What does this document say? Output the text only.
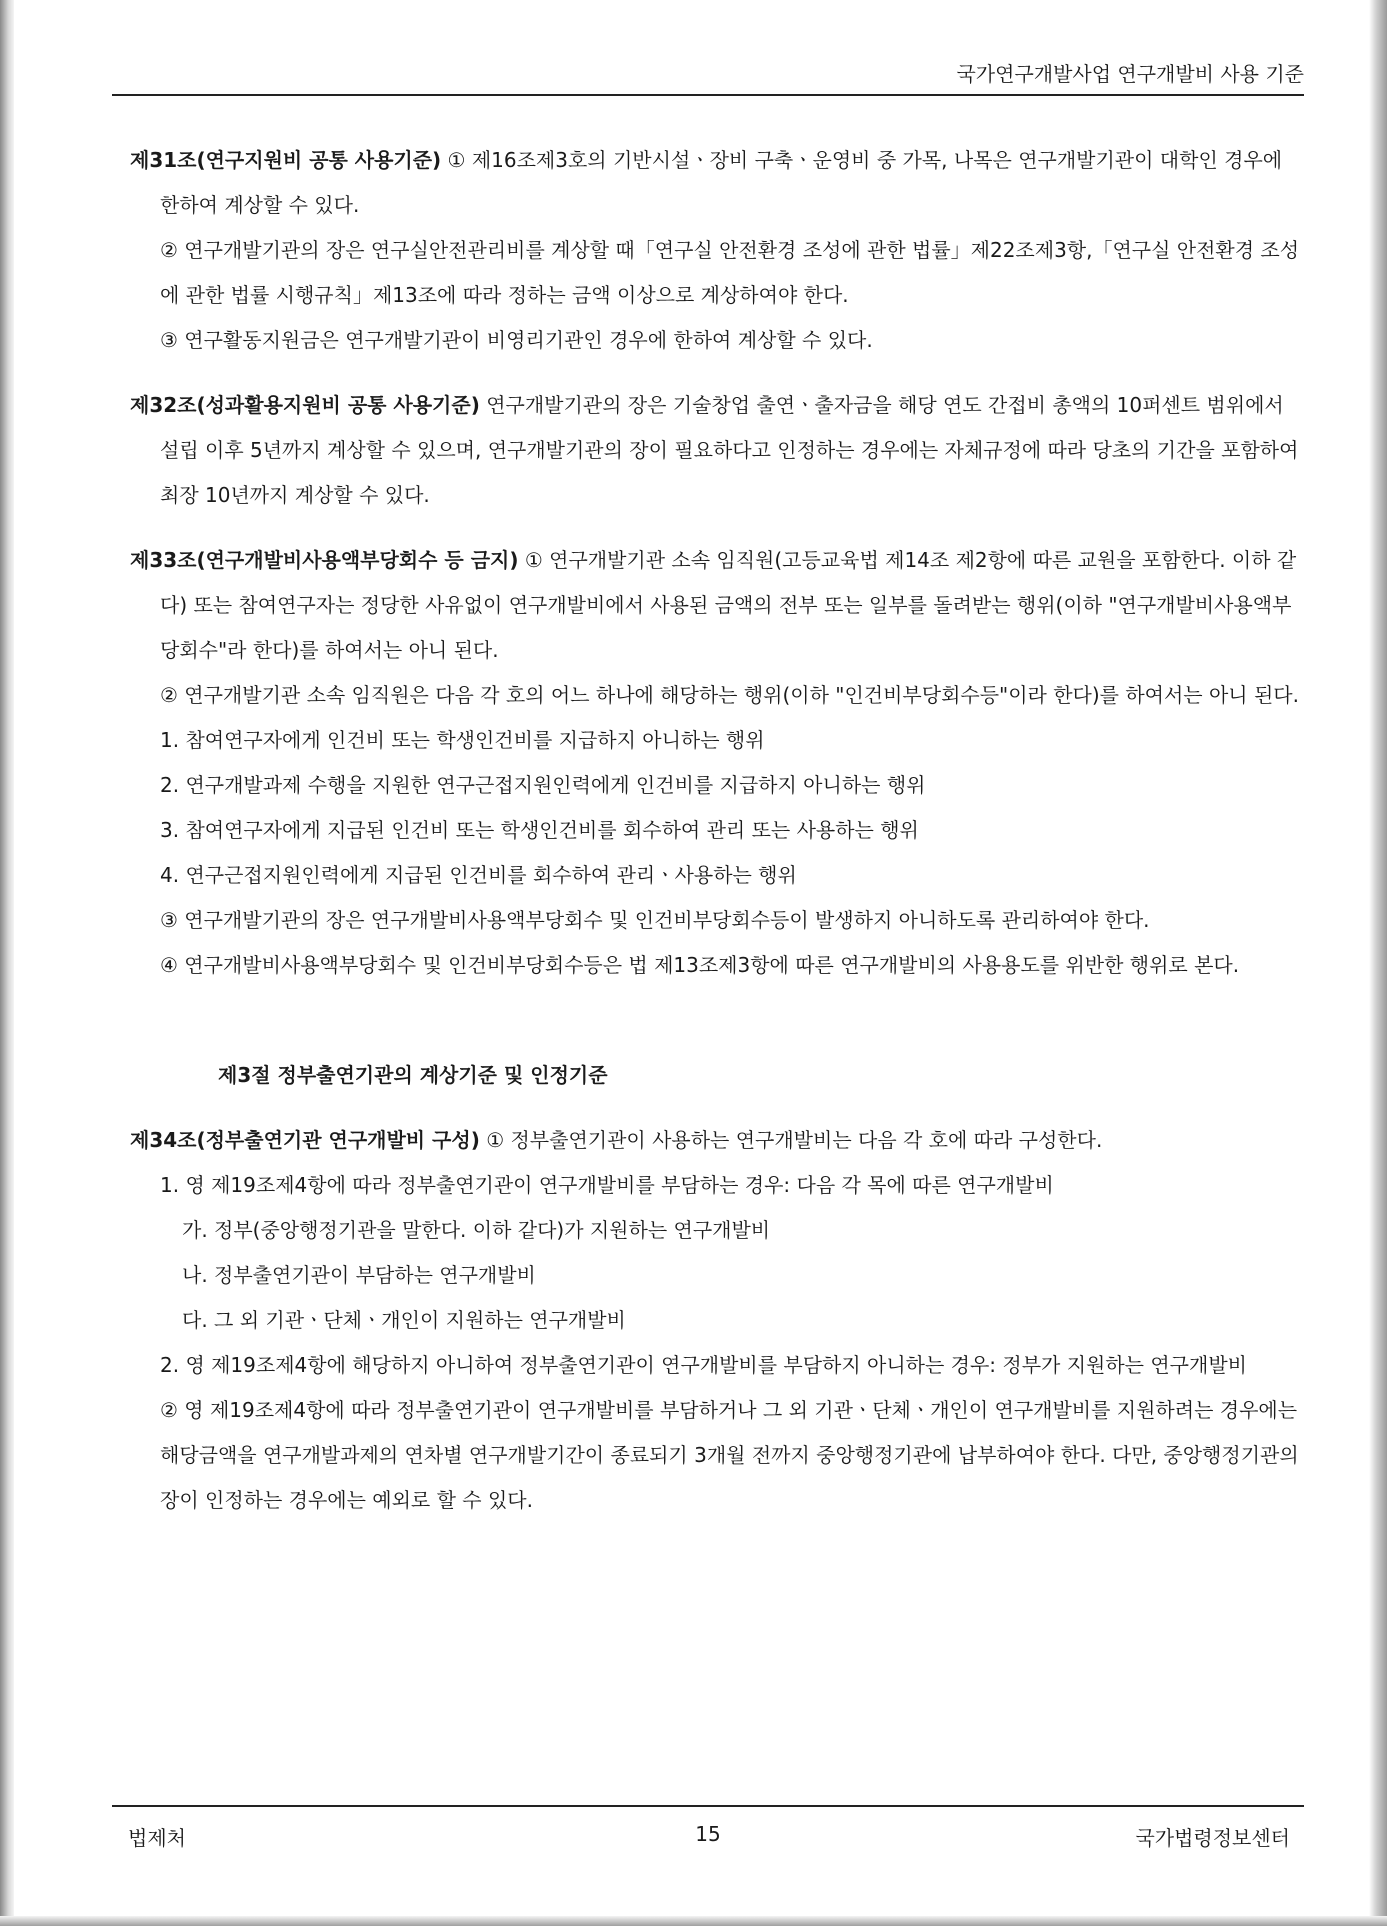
국가연구개발사업 연구개발비 사용 기준

제31조(연구지원비 공통 사용기준) ① 제16조제3호의 기반시설ㆍ장비 구축ㆍ운영비 중 가목, 나목은 연구개발기관이 대학인 경우에 한하여 계상할 수 있다.

② 연구개발기관의 장은 연구실안전관리비를 계상할 때「연구실 안전환경 조성에 관한 법률」제22조제3항,「연구실 안전환경 조성에 관한 법률 시행규칙」제13조에 따라 정하는 금액 이상으로 계상하여야 한다.

③ 연구활동지원금은 연구개발기관이 비영리기관인 경우에 한하여 계상할 수 있다.

제32조(성과활용지원비 공통 사용기준) 연구개발기관의 장은 기술창업 출연ㆍ출자금을 해당 연도 간접비 총액의 10퍼센트 범위에서 설립 이후 5년까지 계상할 수 있으며, 연구개발기관의 장이 필요하다고 인정하는 경우에는 자체규정에 따라 당초의 기간을 포함하여 최장 10년까지 계상할 수 있다.

제33조(연구개발비사용액부당회수 등 금지) ① 연구개발기관 소속 임직원(고등교육법 제14조 제2항에 따른 교원을 포함한다. 이하 같다) 또는 참여연구자는 정당한 사유없이 연구개발비에서 사용된 금액의 전부 또는 일부를 돌려받는 행위(이하 "연구개발비사용액부당회수"라 한다)를 하여서는 아니 된다.

② 연구개발기관 소속 임직원은 다음 각 호의 어느 하나에 해당하는 행위(이하 "인건비부당회수등"이라 한다)를 하여서는 아니 된다.

1. 참여연구자에게 인건비 또는 학생인건비를 지급하지 아니하는 행위

2. 연구개발과제 수행을 지원한 연구근접지원인력에게 인건비를 지급하지 아니하는 행위

3. 참여연구자에게 지급된 인건비 또는 학생인건비를 회수하여 관리 또는 사용하는 행위

4. 연구근접지원인력에게 지급된 인건비를 회수하여 관리ㆍ사용하는 행위

③ 연구개발기관의 장은 연구개발비사용액부당회수 및 인건비부당회수등이 발생하지 아니하도록 관리하여야 한다.

④ 연구개발비사용액부당회수 및 인건비부당회수등은 법 제13조제3항에 따른 연구개발비의 사용용도를 위반한 행위로 본다.

제3절 정부출연기관의 계상기준 및 인정기준

제34조(정부출연기관 연구개발비 구성) ① 정부출연기관이 사용하는 연구개발비는 다음 각 호에 따라 구성한다.

1. 영 제19조제4항에 따라 정부출연기관이 연구개발비를 부담하는 경우: 다음 각 목에 따른 연구개발비

가. 정부(중앙행정기관을 말한다. 이하 같다)가 지원하는 연구개발비

나. 정부출연기관이 부담하는 연구개발비

다. 그 외 기관ㆍ단체ㆍ개인이 지원하는 연구개발비

2. 영 제19조제4항에 해당하지 아니하여 정부출연기관이 연구개발비를 부담하지 아니하는 경우: 정부가 지원하는 연구개발비

② 영 제19조제4항에 따라 정부출연기관이 연구개발비를 부담하거나 그 외 기관ㆍ단체ㆍ개인이 연구개발비를 지원하려는 경우에는 해당금액을 연구개발과제의 연차별 연구개발기간이 종료되기 3개월 전까지 중앙행정기관에 납부하여야 한다. 다만, 중앙행정기관의 장이 인정하는 경우에는 예외로 할 수 있다.

법제처	15	국가법령정보센터
